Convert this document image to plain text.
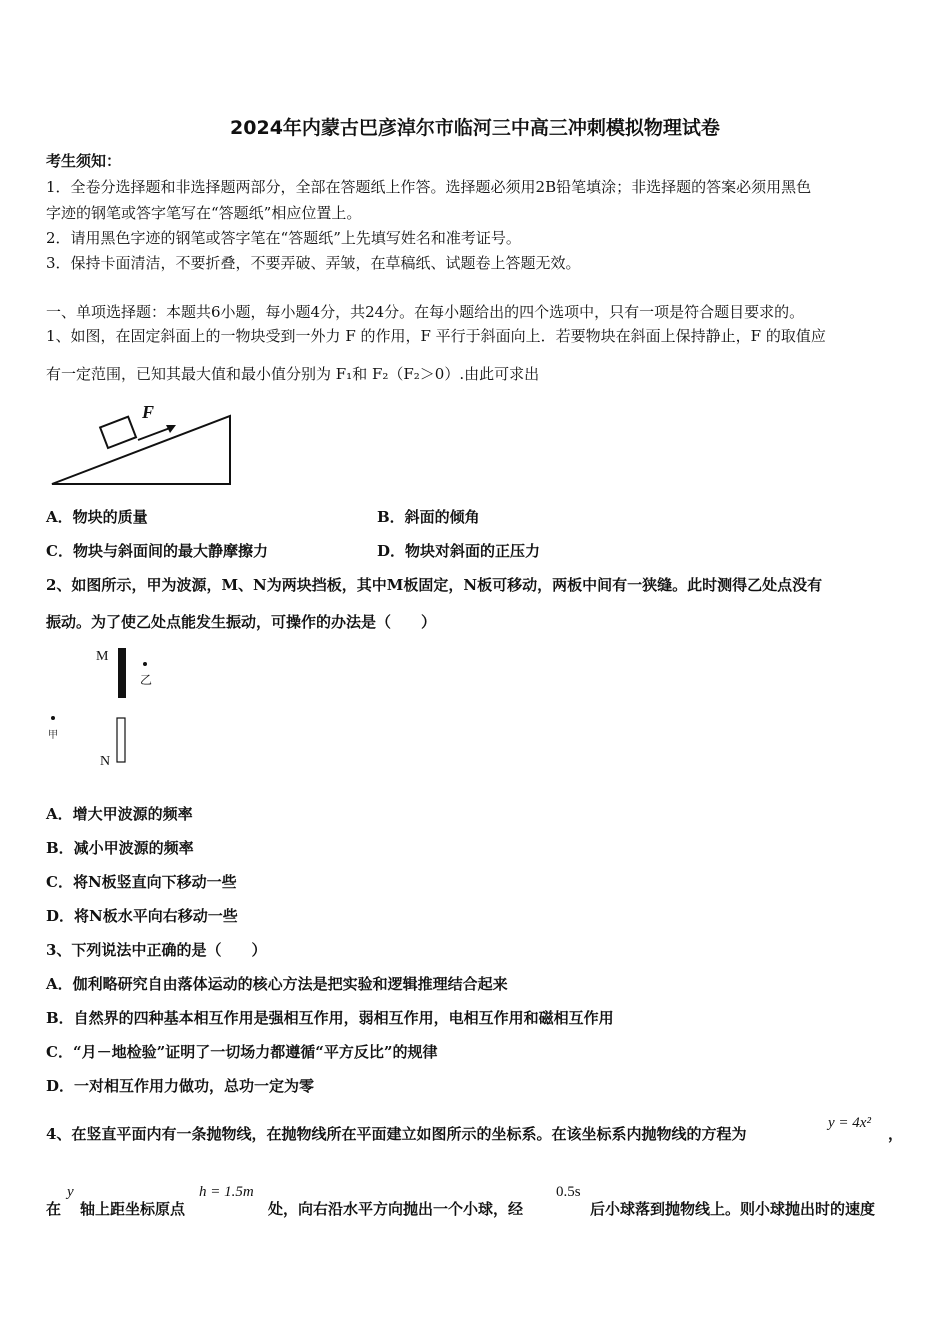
2024年内蒙古巴彦淖尔市临河三中高三冲刺模拟物理试卷
考生须知：
1．全卷分选择题和非选择题两部分，全部在答题纸上作答。选择题必须用2B铅笔填涂；非选择题的答案必须用黑色
字迹的钢笔或答字笔写在“答题纸”相应位置上。
2．请用黑色字迹的钢笔或答字笔在“答题纸”上先填写姓名和准考证号。
3．保持卡面清洁，不要折叠，不要弄破、弄皱，在草稿纸、试题卷上答题无效。
一、单项选择题：本题共6小题，每小题4分，共24分。在每小题给出的四个选项中，只有一项是符合题目要求的。
1、如图，在固定斜面上的一物块受到一外力 F 的作用，F 平行于斜面向上．若要物块在斜面上保持静止，F 的取值应
有一定范围，已知其最大值和最小值分别为 F₁和 F₂（F₂＞0）.由此可求出
F
A．物块的质量	B．斜面的倾角
C．物块与斜面间的最大静摩擦力	D．物块对斜面的正压力
2、如图所示，甲为波源，M、N为两块挡板，其中M板固定，N板可移动，两板中间有一狭缝。此时测得乙处点没有
振动。为了使乙处点能发生振动，可操作的办法是（　　）
M
乙
甲
N
A．增大甲波源的频率
B．减小甲波源的频率
C．将N板竖直向下移动一些
D．将N板水平向右移动一些
3、下列说法中正确的是（　　）
A．伽利略研究自由落体运动的核心方法是把实验和逻辑推理结合起来
B．自然界的四种基本相互作用是强相互作用，弱相互作用，电相互作用和磁相互作用
C．“月－地检验”证明了一切场力都遵循“平方反比”的规律
D．一对相互作用力做功，总功一定为零
4、在竖直平面内有一条抛物线，在抛物线所在平面建立如图所示的坐标系。在该坐标系内抛物线的方程为
y = 4x²
，
在
y
轴上距坐标原点
h = 1.5m
处，向右沿水平方向抛出一个小球，经
0.5s
后小球落到抛物线上。则小球抛出时的速度
